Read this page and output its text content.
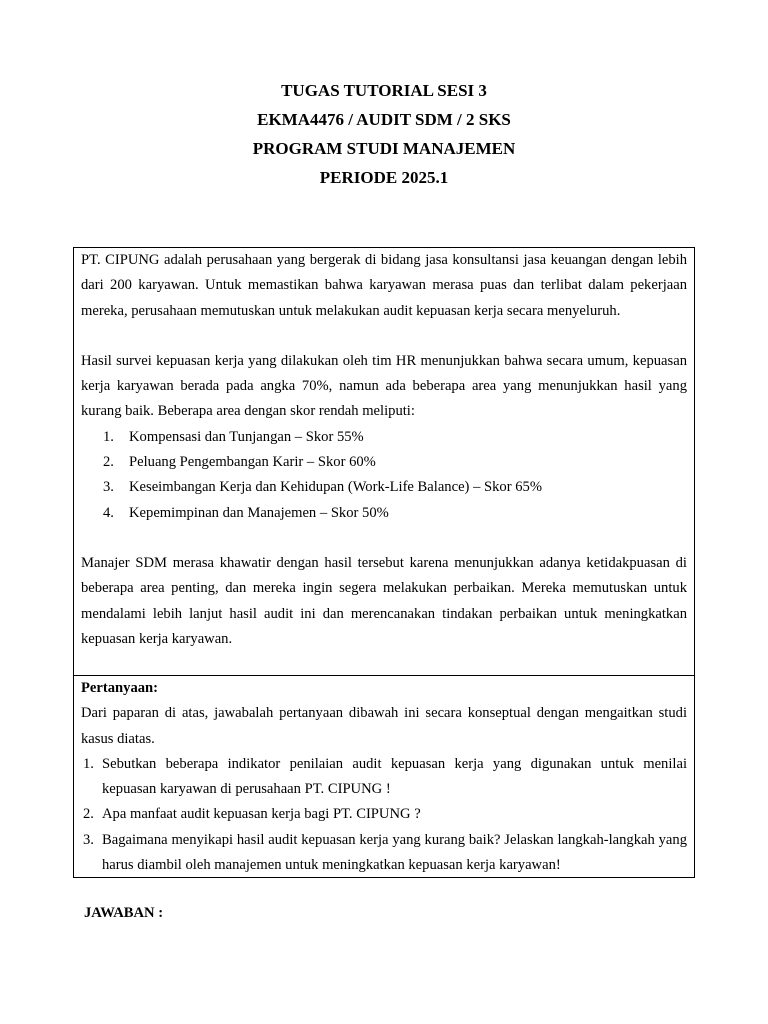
TUGAS TUTORIAL SESI 3
EKMA4476 / AUDIT SDM / 2 SKS
PROGRAM STUDI MANAJEMEN
PERIODE 2025.1

PT. CIPUNG adalah perusahaan yang bergerak di bidang jasa konsultansi jasa keuangan dengan lebih dari 200 karyawan. Untuk memastikan bahwa karyawan merasa puas dan terlibat dalam pekerjaan mereka, perusahaan memutuskan untuk melakukan audit kepuasan kerja secara menyeluruh.

Hasil survei kepuasan kerja yang dilakukan oleh tim HR menunjukkan bahwa secara umum, kepuasan kerja karyawan berada pada angka 70%, namun ada beberapa area yang menunjukkan hasil yang kurang baik. Beberapa area dengan skor rendah meliputi:

1.	Kompensasi dan Tunjangan – Skor 55%
2.	Peluang Pengembangan Karir – Skor 60%
3.	Keseimbangan Kerja dan Kehidupan (Work-Life Balance) – Skor 65%
4.	Kepemimpinan dan Manajemen – Skor 50%

Manajer SDM merasa khawatir dengan hasil tersebut karena menunjukkan adanya ketidakpuasan di beberapa area penting, dan mereka ingin segera melakukan perbaikan. Mereka memutuskan untuk mendalami lebih lanjut hasil audit ini dan merencanakan tindakan perbaikan untuk meningkatkan kepuasan kerja karyawan.

Pertanyaan:

Dari paparan di atas, jawabalah pertanyaan dibawah ini secara konseptual dengan mengaitkan studi kasus diatas.

1. Sebutkan beberapa indikator penilaian audit kepuasan kerja yang digunakan untuk menilai kepuasan karyawan di perusahaan PT. CIPUNG !
2. Apa manfaat audit kepuasan kerja bagi PT. CIPUNG ?
3. Bagaimana menyikapi hasil audit kepuasan kerja yang kurang baik? Jelaskan langkah-langkah yang harus diambil oleh manajemen untuk meningkatkan kepuasan kerja karyawan!
JAWABAN :
